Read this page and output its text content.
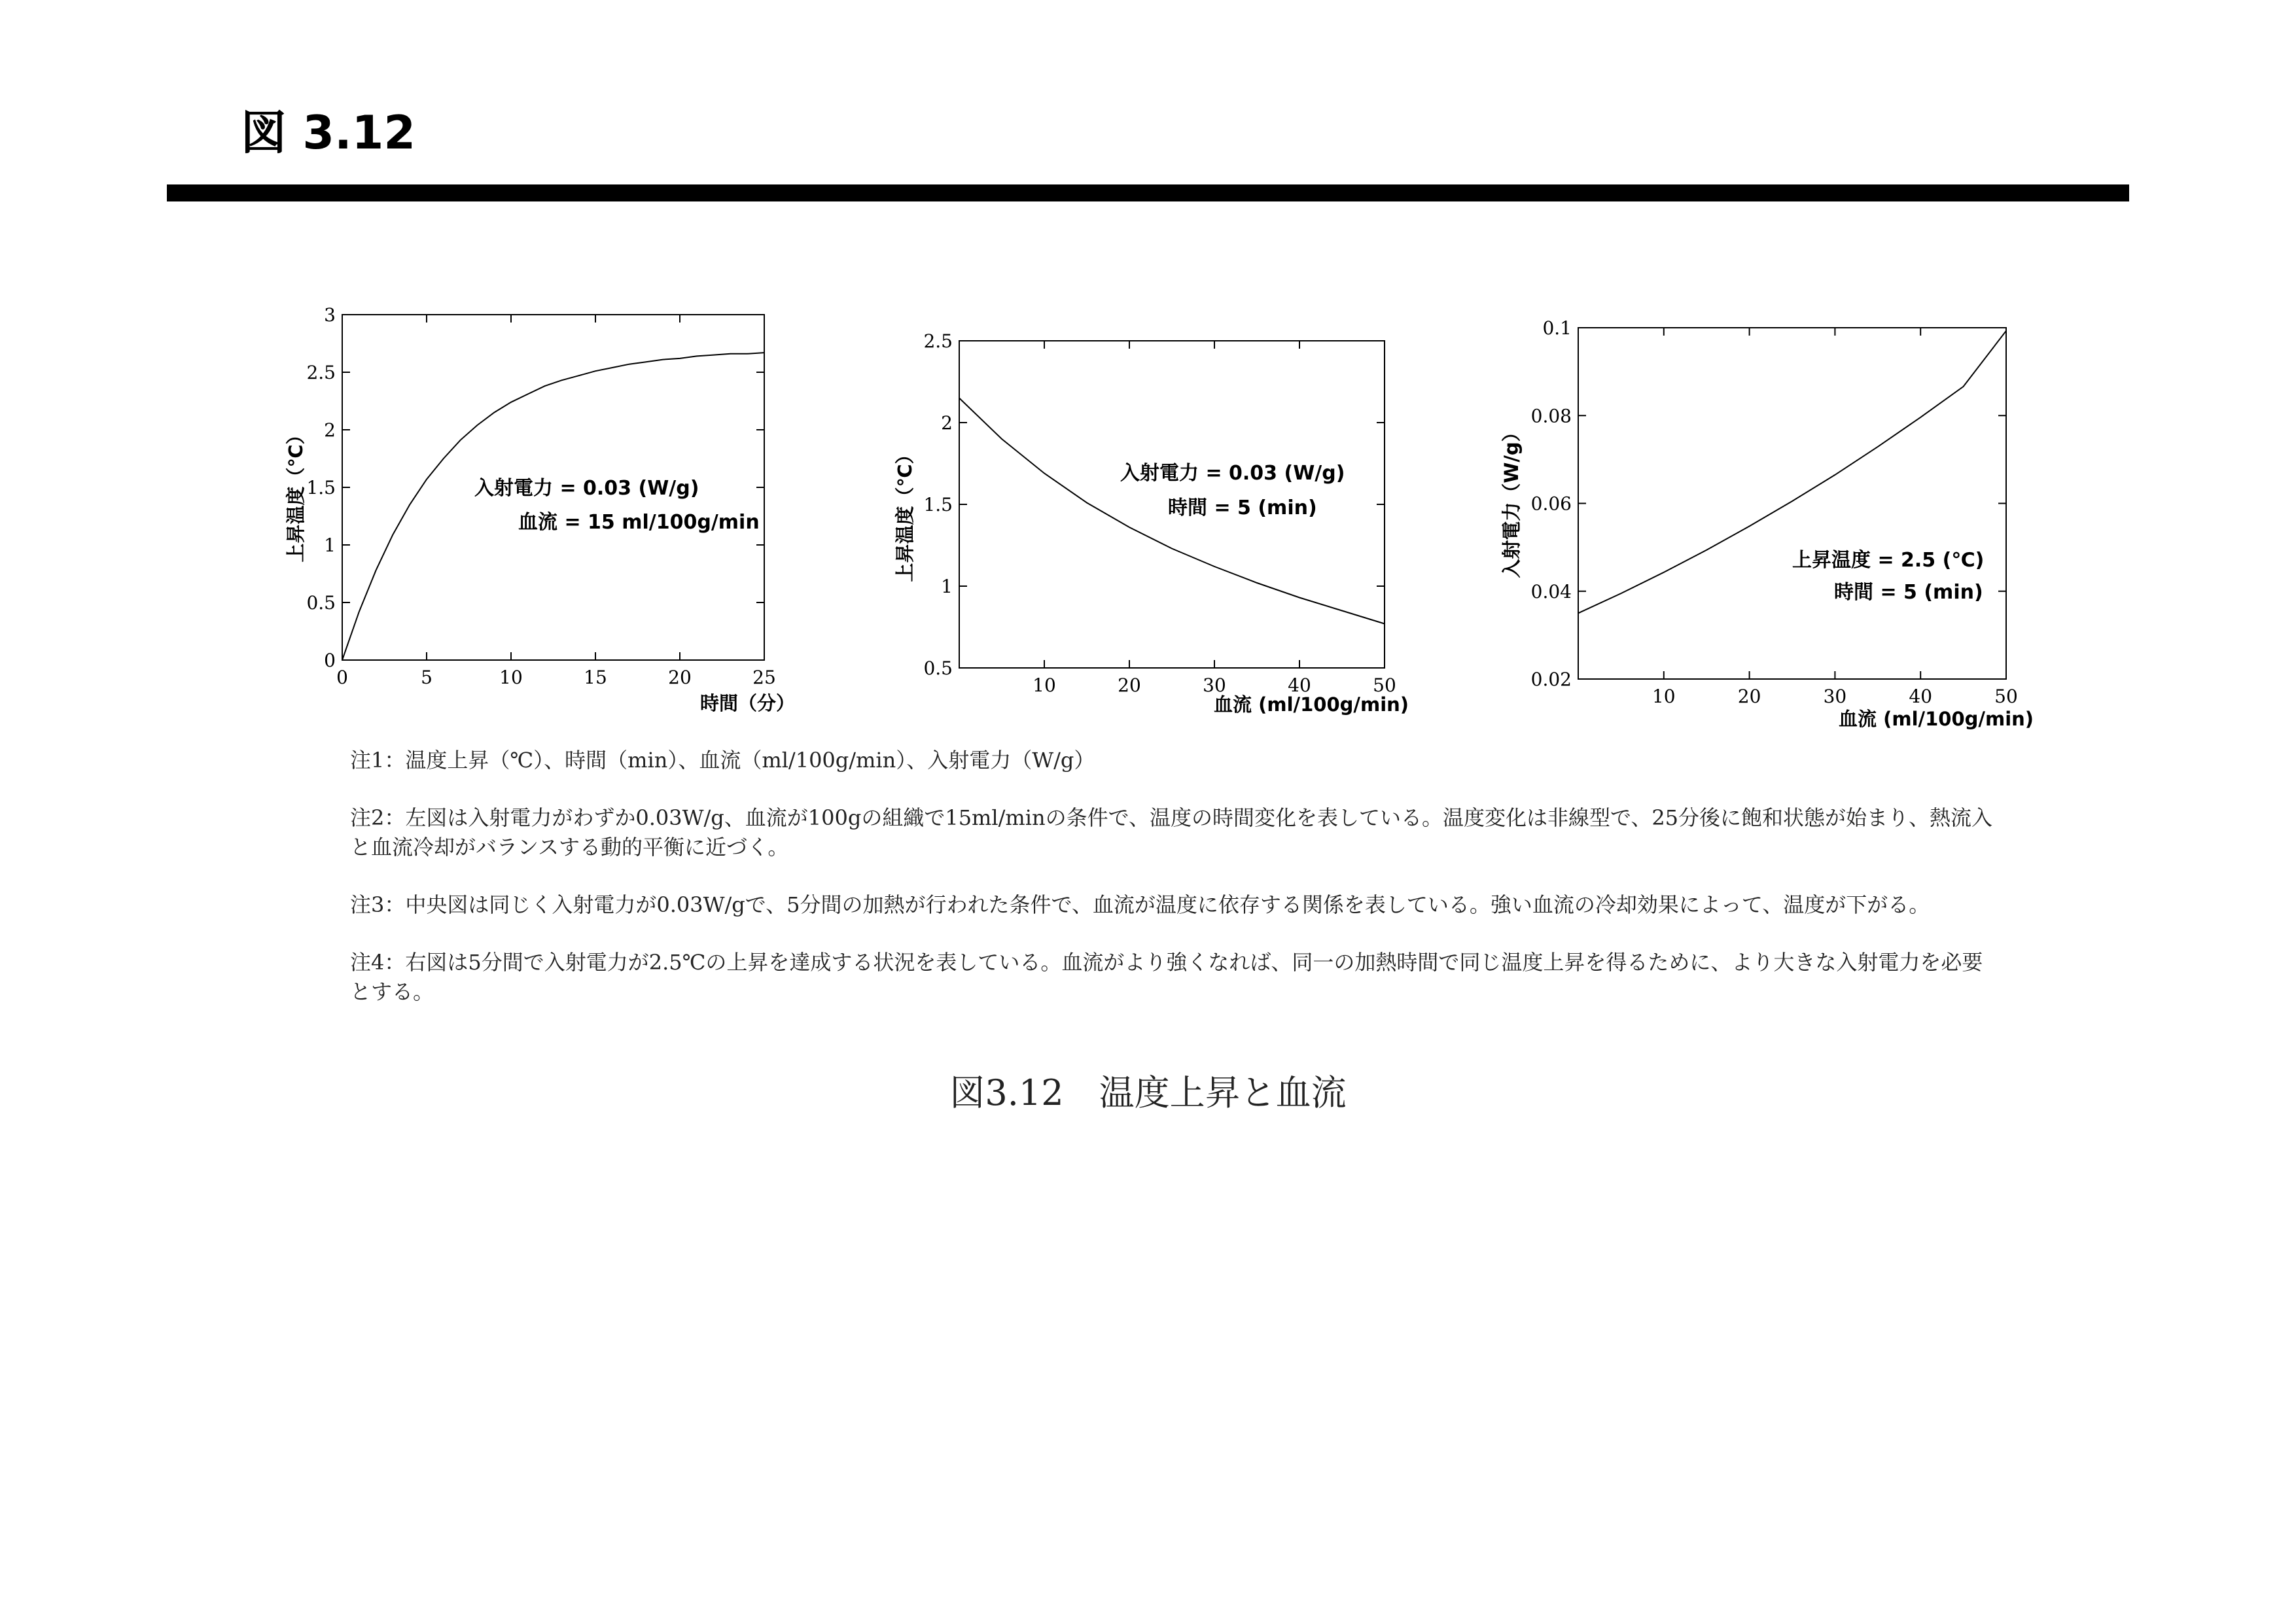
図 3.12
0	5	10	15	20	25
0
0.5
1
1.5
2
2.5
3
入射電力 = 0.03 (W/g)
血流 = 15 ml/100g/min
時間（分）
上昇温度（℃）
10	20	30	40	50
0.5
1
1.5
2
2.5
入射電力 = 0.03 (W/g)
時間 = 5 (min)
血流 (ml/100g/min)
上昇温度（℃）
10	20	30	40	50
0.02
0.04
0.06
0.08
0.1
上昇温度 = 2.5 (℃)
時間 = 5 (min)
血流 (ml/100g/min)
入射電力（W/g）

注1：温度上昇（℃）、時間（min）、血流（ml/100g/min）、入射電力（W/g）

注2：左図は入射電力がわずか0.03W/g、血流が100gの組織で15ml/minの条件で、温度の時間変化を表している。温度変化は非線型で、25分後に飽和状態が始まり、熱流入と血流冷却がバランスする動的平衡に近づく。

注3：中央図は同じく入射電力が0.03W/gで、5分間の加熱が行われた条件で、血流が温度に依存する関係を表している。強い血流の冷却効果によって、温度が下がる。

注4：右図は5分間で入射電力が2.5℃の上昇を達成する状況を表している。血流がより強くなれば、同一の加熱時間で同じ温度上昇を得るために、より大きな入射電力を必要とする。

図3.12　温度上昇と血流
